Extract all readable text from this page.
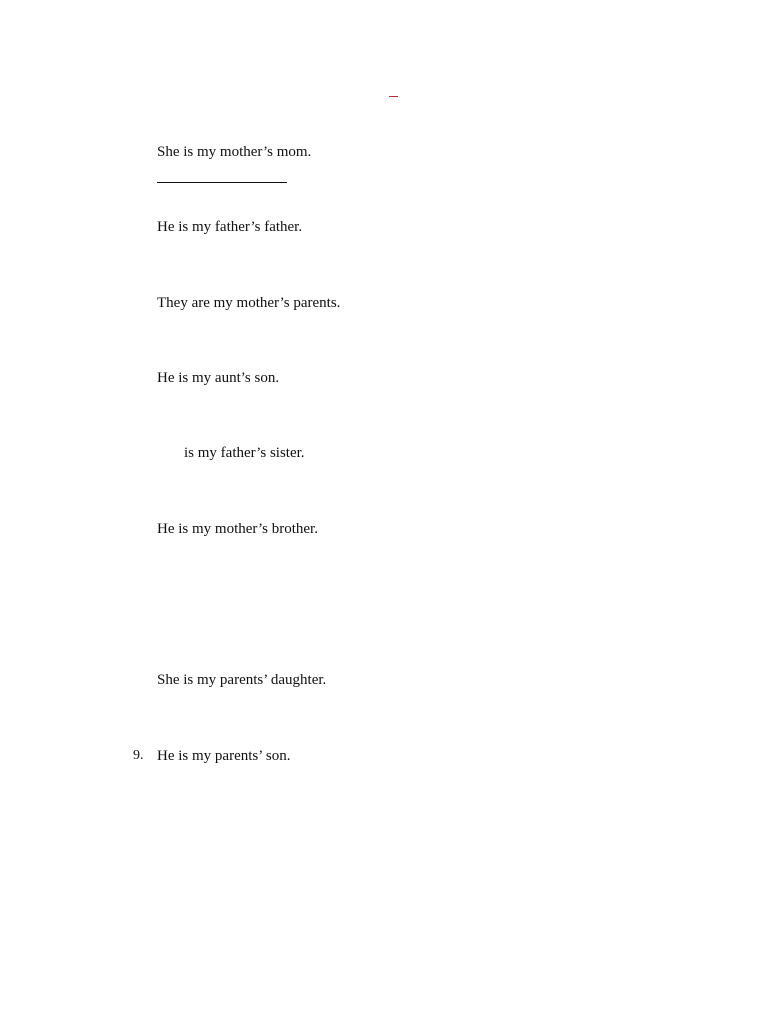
She is my mother’s mom.
He is my father’s father.
They are my mother’s parents.
He is my aunt’s son.
is my father’s sister.
He is my mother’s brother.
She is my parents’ daughter.
9. He is my parents’ son.
